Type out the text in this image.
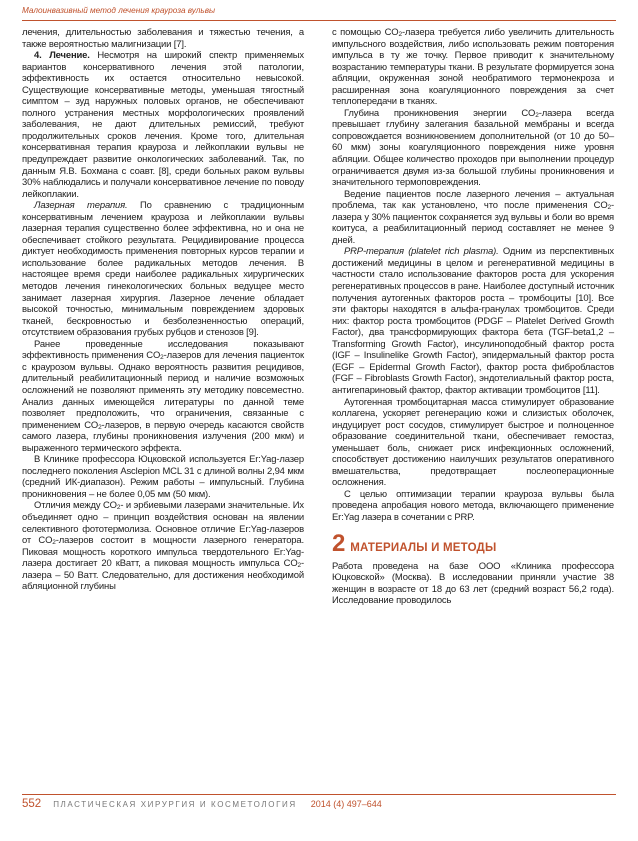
Малоинвазивный метод лечения крауроза вульвы

лечения, длительностью заболевания и тяжестью течения, а также вероятностью малигнизации [7].

4. Лечение. Несмотря на широкий спектр применяемых вариантов консервативного лечения этой патологии, эффективность их остается относительно невысокой. Существующие консервативные методы, уменьшая тягостный симптом – зуд наружных половых органов, не обеспечивают полного устранения местных морфологических проявлений заболевания, не дают длительных ремиссий, требуют продолжительных сроков лечения. Кроме того, длительная консервативная терапия крауроза и лейкоплакии вульвы не предупреждает развитие онкологических заболеваний. Так, по данным Я.В. Бохмана с соавт. [8], среди больных раком вульвы 30% наблюдались и получали консервативное лечение по поводу лейкоплакии.

Лазерная терапия. По сравнению с традиционным консервативным лечением крауроза и лейкоплакии вульвы лазерная терапия существенно более эффективна, но и она не обеспечивает стойкого результата. Рецидивирование процесса диктует необходимость применения повторных курсов терапии и использование более радикальных методов лечения. В настоящее время среди наиболее радикальных хирургических методов лечения гинекологических больных ведущее место занимает лазерная хирургия. Лазерное лечение обладает высокой точностью, минимальным повреждением здоровых тканей, бескровностью и безболезненностью операций, отсутствием образования грубых рубцов и стенозов [9].

Ранее проведенные исследования показывают эффективность применения $CO_2$-лазеров для лечения пациенток с краурозом вульвы. Однако вероятность развития рецидивов, длительный реабилитационный период и наличие возможных осложнений не позволяют применять эту методику повсеместно. Анализ данных имеющейся литературы по данной теме позволяет предположить, что ограничения, связанные с применением $CO_2$-лазеров, в первую очередь касаются свойств самого лазера, глубины проникновения излучения (200 мкм) и выраженного термического эффекта.

В Клинике профессора Юцковской используется Er:Yag-лазер последнего поколения Asclepion MCL 31 с длиной волны 2,94 мкм (средний ИК-диапазон). Режим работы – импульсный. Глубина проникновения – не более 0,05 мм (50 мкм).

Отличия между $CO_2-$ и эрбиевыми лазерами значительные. Их объединяет одно – принцип воздействия основан на явлении селективного фототермолиза. Основное отличие Er:Yag-лазеров от $CO_2$-лазеров состоит в мощности лазерного генератора. Пиковая мощность короткого импульса твердотельного Er:Yag-лазера достигает 20 кВатт, а пиковая мощность импульса $CO_2$-лазера – 50 Ватт. Следовательно, для достижения необходимой абляционной глубины

с помощью $CO_2$-лазера требуется либо увеличить длительность импульсного воздействия, либо использовать режим повторения импульса в ту же точку. Первое приводит к значительному возрастанию температуры ткани. В результате формируется зона абляции, окруженная зоной необратимого термонекроза и расширенная зона коагуляционного повреждения за счет теплопередачи в тканях.

Глубина проникновения энергии $CO_2$-лазера всегда превышает глубину залегания базальной мембраны и всегда сопровождается возникновением дополнительной (от 10 до 50–60 мкм) зоны коагуляционного повреждения ниже уровня абляции. Общее количество проходов при выполнении процедур ограничивается двумя из-за большой глубины проникновения и значительного термоповреждения.

Ведение пациентов после лазерного лечения – актуальная проблема, так как установлено, что после применения $CO_2$-лазера у 30% пациенток сохраняется зуд вульвы и боли во время коитуса, а реабилитационный период составляет не менее 9 дней.

PRP-терапия (platelet rich plasma). Одним из перспективных достижений медицины в целом и регенеративной медицины в частности стало использование факторов роста для ускорения регенеративных процессов в ране. Наиболее доступный источник получения аутогенных факторов роста – тромбоциты [10]. Все эти факторы находятся в альфа-гранулах тромбоцитов. Среди них: фактор роста тромбоцитов (PDGF – Platelet Derived Growth Factor), два трансформирующих фактора бета (TGF-beta1,2 – Transforming Growth Factor), инсулиноподобный фактор роста (IGF – Insulinelike Growth Factor), эпидермальный фактор роста (EGF – Epidermal Growth Factor), фактор роста фибробластов (FGF – Fibroblasts Growth Factor), эндотелиальный фактор роста, антигепариновый фактор, фактор активации тромбоцитов [11].

Аутогенная тромбоцитарная масса стимулирует образование коллагена, ускоряет регенерацию кожи и слизистых оболочек, индуцирует рост сосудов, стимулирует быстрое и полноценное образование соединительной ткани, обеспечивает гемостаз, уменьшает боль, снижает риск инфекционных осложнений, способствует достижению наилучших результатов оперативного вмешательства, предотвращает послеоперационные осложнения.

С целью оптимизации терапии крауроза вульвы была проведена апробация нового метода, включающего применение Er:Yag лазера в сочетании с PRP.

2 МАТЕРИАЛЫ И МЕТОДЫ

Работа проведена на базе ООО «Клиника профессора Юцковской» (Москва). В исследовании приняли участие 38 женщин в возрасте от 18 до 63 лет (средний возраст 56,2 года). Исследование проводилось

552 ПЛАСТИЧЕСКАЯ ХИРУРГИЯ И КОСМЕТОЛОГИЯ 2014 (4) 497–644
